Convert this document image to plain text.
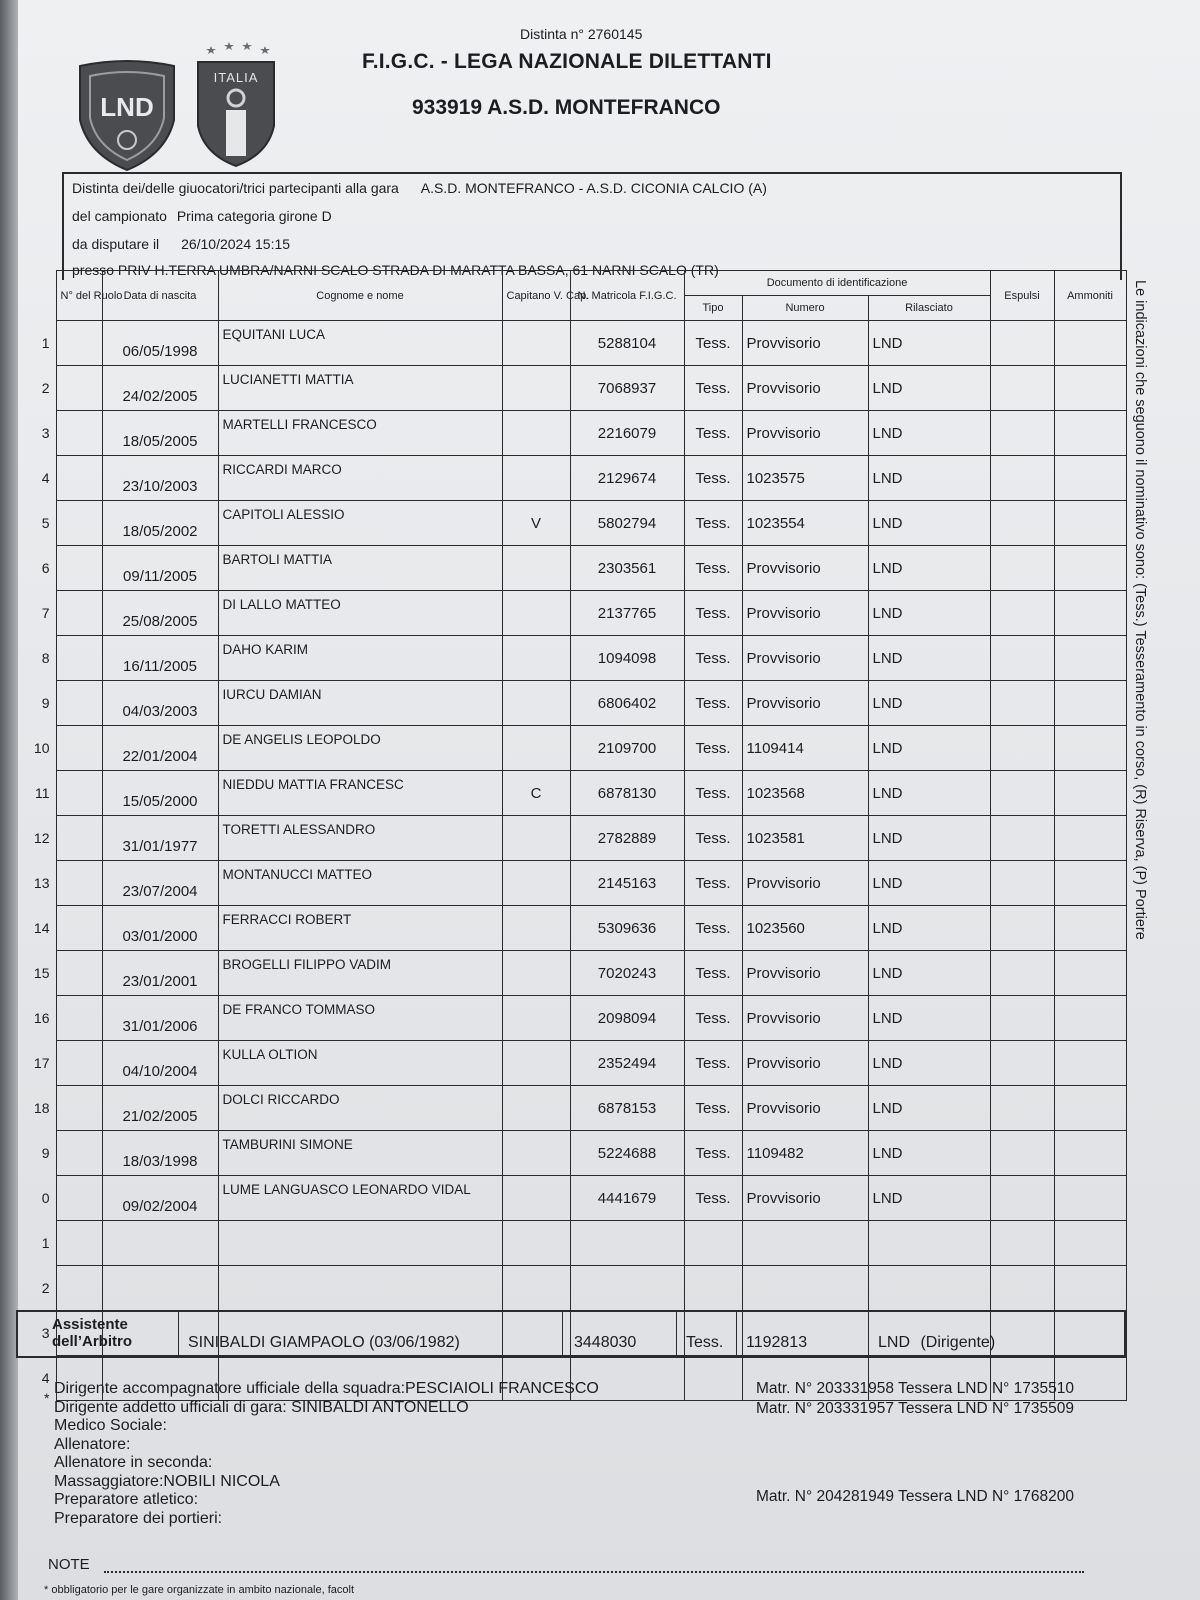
LND
ITALIA
Distinta n° 2760145
F.I.G.C. - LEGA NAZIONALE DILETTANTI
933919 A.S.D. MONTEFRANCO
Distinta dei/delle giuocatori/trici partecipanti alla gara A.S.D. MONTEFRANCO - A.S.D. CICONIA CALCIO (A)
del campionato Prima categoria girone D
da disputare il 26/10/2024 15:15
presso PRIV H.TERRA UMBRA/NARNI SCALO STRADA DI MARATTA BASSA, 61 NARNI SCALO (TR)
	N° del Ruolo	Data di nascita	Cognome e nome	Capitano V. Cap.	N. Matricola F.I.G.C.	Documento di identificazione			Espulsi	Ammoniti
						Tipo	Numero	Rilasciato		
1		06/05/1998	EQUITANI LUCA		5288104	Tess.	Provvisorio	LND		
2		24/02/2005	LUCIANETTI MATTIA		7068937	Tess.	Provvisorio	LND		
3		18/05/2005	MARTELLI FRANCESCO		2216079	Tess.	Provvisorio	LND		
4		23/10/2003	RICCARDI MARCO		2129674	Tess.	1023575	LND		
5		18/05/2002	CAPITOLI ALESSIO	V	5802794	Tess.	1023554	LND		
6		09/11/2005	BARTOLI MATTIA		2303561	Tess.	Provvisorio	LND		
7		25/08/2005	DI LALLO MATTEO		2137765	Tess.	Provvisorio	LND		
8		16/11/2005	DAHO KARIM		1094098	Tess.	Provvisorio	LND		
9		04/03/2003	IURCU DAMIAN		6806402	Tess.	Provvisorio	LND		
10		22/01/2004	DE ANGELIS LEOPOLDO		2109700	Tess.	1109414	LND		
11		15/05/2000	NIEDDU MATTIA FRANCESC	C	6878130	Tess.	1023568	LND		
12		31/01/1977	TORETTI ALESSANDRO		2782889	Tess.	1023581	LND		
13		23/07/2004	MONTANUCCI MATTEO		2145163	Tess.	Provvisorio	LND		
14		03/01/2000	FERRACCI ROBERT		5309636	Tess.	1023560	LND		
15		23/01/2001	BROGELLI FILIPPO VADIM		7020243	Tess.	Provvisorio	LND		
16		31/01/2006	DE FRANCO TOMMASO		2098094	Tess.	Provvisorio	LND		
17		04/10/2004	KULLA OLTION		2352494	Tess.	Provvisorio	LND		
18		21/02/2005	DOLCI RICCARDO		6878153	Tess.	Provvisorio	LND		
9		18/03/1998	TAMBURINI SIMONE		5224688	Tess.	1109482	LND		
0		09/02/2004	LUME LANGUASCO LEONARDO VIDAL		4441679	Tess.	Provvisorio	LND		
1										
2										
3										
4										
Le indicazioni che seguono il nominativo sono: (Tess.) Tesseramento in corso, (R) Riserva, (P) Portiere
Assistente
dell’Arbitro	SINIBALDI GIAMPAOLO (03/06/1982)	3448030	Tess. 1192813	LND (Dirigente)
*
Dirigente accompagnatore ufficiale della squadra:PESCIAIOLI FRANCESCO
Dirigente addetto ufficiali di gara: SINIBALDI ANTONELLO
Medico Sociale:
Allenatore:
Allenatore in seconda:
Massaggiatore:NOBILI NICOLA
Preparatore atletico:
Preparatore dei portieri:
Matr. N° 203331958 Tessera LND N° 1735510
Matr. N° 203331957 Tessera LND N° 1735509
Matr. N° 204281949 Tessera LND N° 1768200
NOTE
* obbligatorio per le gare organizzate in ambito nazionale, facolt
